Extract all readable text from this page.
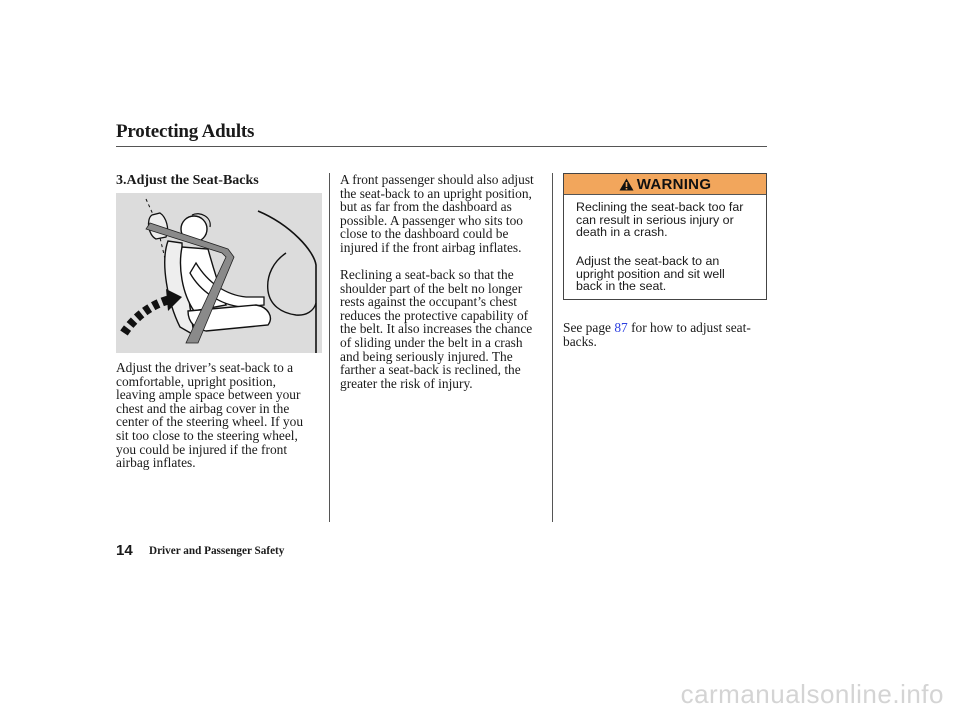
Protecting Adults
3.Adjust the Seat-Backs
Adjust the driver’s seat-back to a
comfortable, upright position,
leaving ample space between your
chest and the airbag cover in the
center of the steering wheel. If you
sit too close to the steering wheel,
you could be injured if the front
airbag inflates.
A front passenger should also adjust
the seat-back to an upright position,
but as far from the dashboard as
possible. A passenger who sits too
close to the dashboard could be
injured if the front airbag inflates.
Reclining a seat-back so that the
shoulder part of the belt no longer
rests against the occupant’s chest
reduces the protective capability of
the belt. It also increases the chance
of sliding under the belt in a crash
and being seriously injured. The
farther a seat-back is reclined, the
greater the risk of injury.
WARNING
Reclining the seat-back too far
can result in serious injury or
death in a crash.
Adjust the seat-back to an
upright position and sit well
back in the seat.
See page 87 for how to adjust seat-
backs.
14 Driver and Passenger Safety
carmanualsonline.info
